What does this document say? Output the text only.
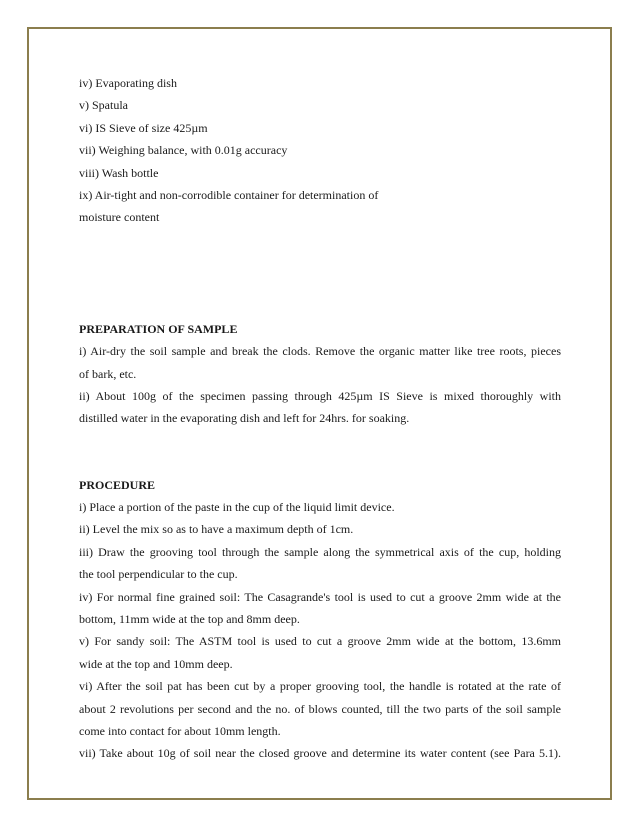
iv) Evaporating dish
v) Spatula
vi) IS Sieve of size 425µm
vii) Weighing balance, with 0.01g accuracy
viii) Wash bottle
ix) Air-tight and non-corrodible container for determination of
moisture content
PREPARATION OF SAMPLE
i) Air-dry the soil sample and break the clods. Remove the organic matter like tree roots, pieces
of bark, etc.
ii) About 100g of the specimen passing through 425µm IS Sieve is mixed thoroughly with
distilled water in the evaporating dish and left for 24hrs. for soaking.
PROCEDURE
i) Place a portion of the paste in the cup of the liquid limit device.
ii) Level the mix so as to have a maximum depth of 1cm.
iii) Draw the grooving tool through the sample along the symmetrical axis of the cup, holding
the tool perpendicular to the cup.
iv) For normal fine grained soil: The Casagrande's tool is used to cut a groove 2mm wide at the
bottom, 11mm wide at the top and 8mm deep.
v) For sandy soil: The ASTM tool is used to cut a groove 2mm wide at the bottom, 13.6mm
wide at the top and 10mm deep.
vi) After the soil pat has been cut by a proper grooving tool, the handle is rotated at the rate of
about 2 revolutions per second and the no. of blows counted, till the two parts of the soil sample
come into contact for about 10mm length.
vii) Take about 10g of soil near the closed groove and determine its water content (see Para 5.1).
